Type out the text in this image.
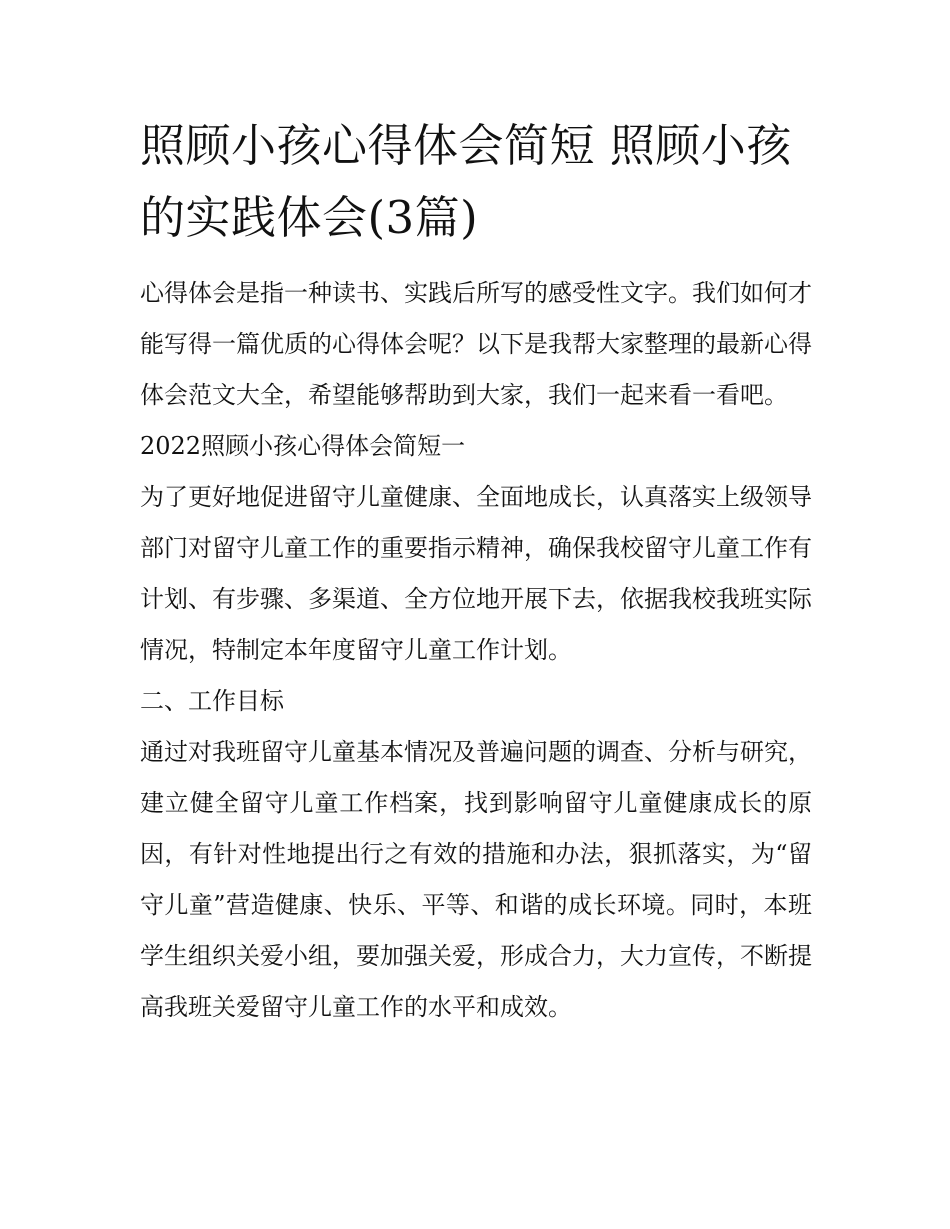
照顾小孩心得体会简短 照顾小孩的实践体会(3篇)

心得体会是指一种读书、实践后所写的感受性文字。我们如何才能写得一篇优质的心得体会呢？以下是我帮大家整理的最新心得体会范文大全，希望能够帮助到大家，我们一起来看一看吧。

2022照顾小孩心得体会简短一

为了更好地促进留守儿童健康、全面地成长，认真落实上级领导部门对留守儿童工作的重要指示精神，确保我校留守儿童工作有计划、有步骤、多渠道、全方位地开展下去，依据我校我班实际情况，特制定本年度留守儿童工作计划。

二、工作目标

通过对我班留守儿童基本情况及普遍问题的调查、分析与研究，建立健全留守儿童工作档案，找到影响留守儿童健康成长的原因，有针对性地提出行之有效的措施和办法，狠抓落实，为“留守儿童”营造健康、快乐、平等、和谐的成长环境。同时，本班学生组织关爱小组，要加强关爱，形成合力，大力宣传，不断提高我班关爱留守儿童工作的水平和成效。
